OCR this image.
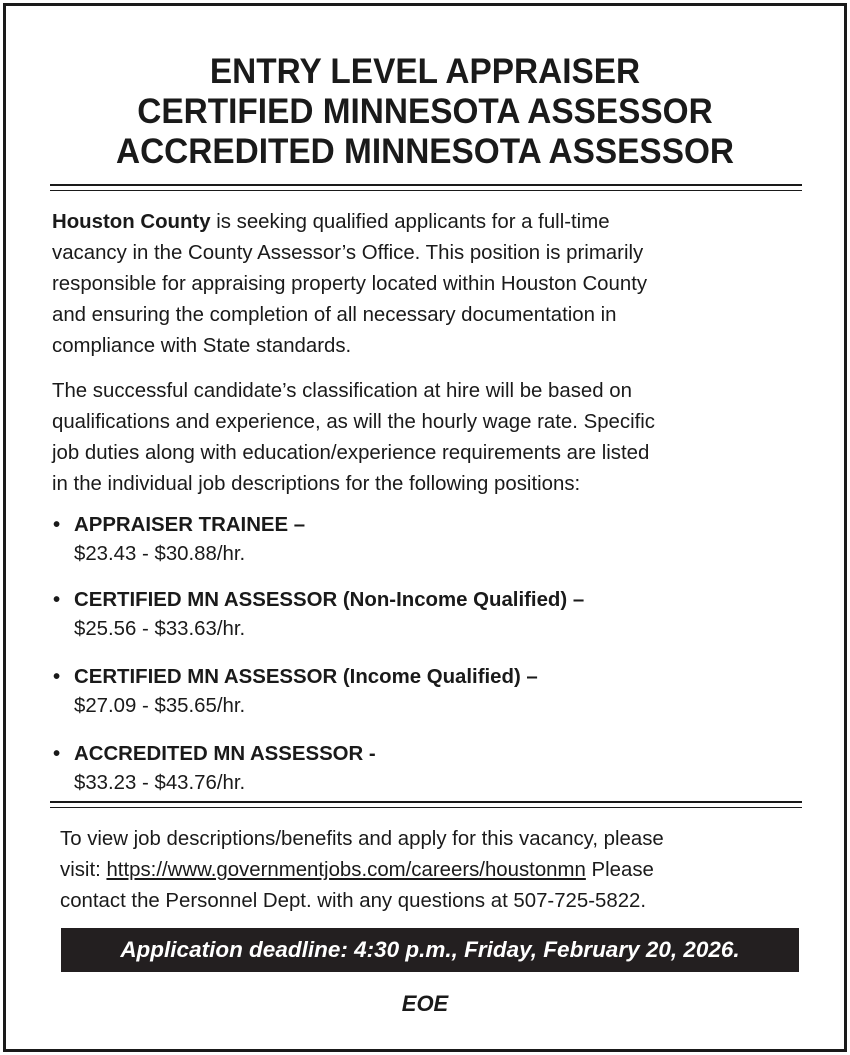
ENTRY LEVEL APPRAISER
CERTIFIED MINNESOTA ASSESSOR
ACCREDITED MINNESOTA ASSESSOR
Houston County is seeking qualified applicants for a full-time
vacancy in the County Assessor’s Office. This position is primarily
responsible for appraising property located within Houston County
and ensuring the completion of all necessary documentation in
compliance with State standards.
The successful candidate’s classification at hire will be based on
qualifications and experience, as will the hourly wage rate. Specific
job duties along with education/experience requirements are listed
in the individual job descriptions for the following positions:
• APPRAISER TRAINEE –
$23.43 - $30.88/hr.
• CERTIFIED MN ASSESSOR (Non-Income Qualified) –
$25.56 - $33.63/hr.
• CERTIFIED MN ASSESSOR (Income Qualified) –
$27.09 - $35.65/hr.
• ACCREDITED MN ASSESSOR -
$33.23 - $43.76/hr.
To view job descriptions/benefits and apply for this vacancy, please
visit: https://www.governmentjobs.com/careers/houstonmn Please
contact the Personnel Dept. with any questions at 507-725-5822.
Application deadline: 4:30 p.m., Friday, February 20, 2026.
EOE
